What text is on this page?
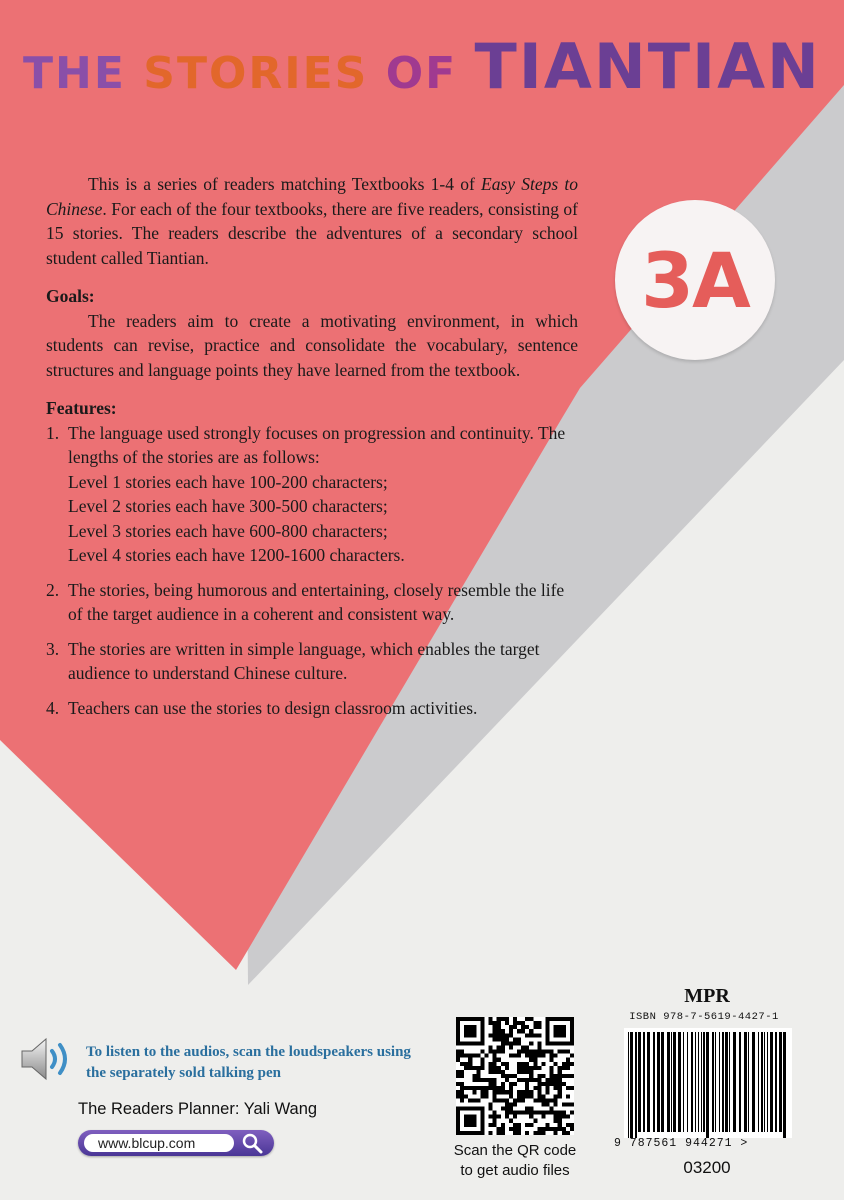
THE STORIES OF TIANTIAN
3A

This is a series of readers matching Textbooks 1-4 of Easy Steps to Chinese. For each of the four textbooks, there are five readers, consisting of 15 stories. The readers describe the adventures of a secondary school student called Tiantian.

Goals:

The readers aim to create a motivating environment, in which students can revise, practice and consolidate the vocabulary, sentence structures and language points they have learned from the textbook.

Features:

1. The language used strongly focuses on progression and continuity. The lengths of the stories are as follows:
Level 1 stories each have 100-200 characters;
Level 2 stories each have 300-500 characters;
Level 3 stories each have 600-800 characters;
Level 4 stories each have 1200-1600 characters.
2. The stories, being humorous and entertaining, closely resemble the life of the target audience in a coherent and consistent way.
3. The stories are written in simple language, which enables the target audience to understand Chinese culture.
4. Teachers can use the stories to design classroom activities.
To listen to the audios, scan the loudspeakers using the separately sold talking pen
The Readers Planner: Yali Wang
www.blcup.com	Scan the QR code
to get audio files
MPR
ISBN 978-7-5619-4427-1
9 787561 944271 >
03200
